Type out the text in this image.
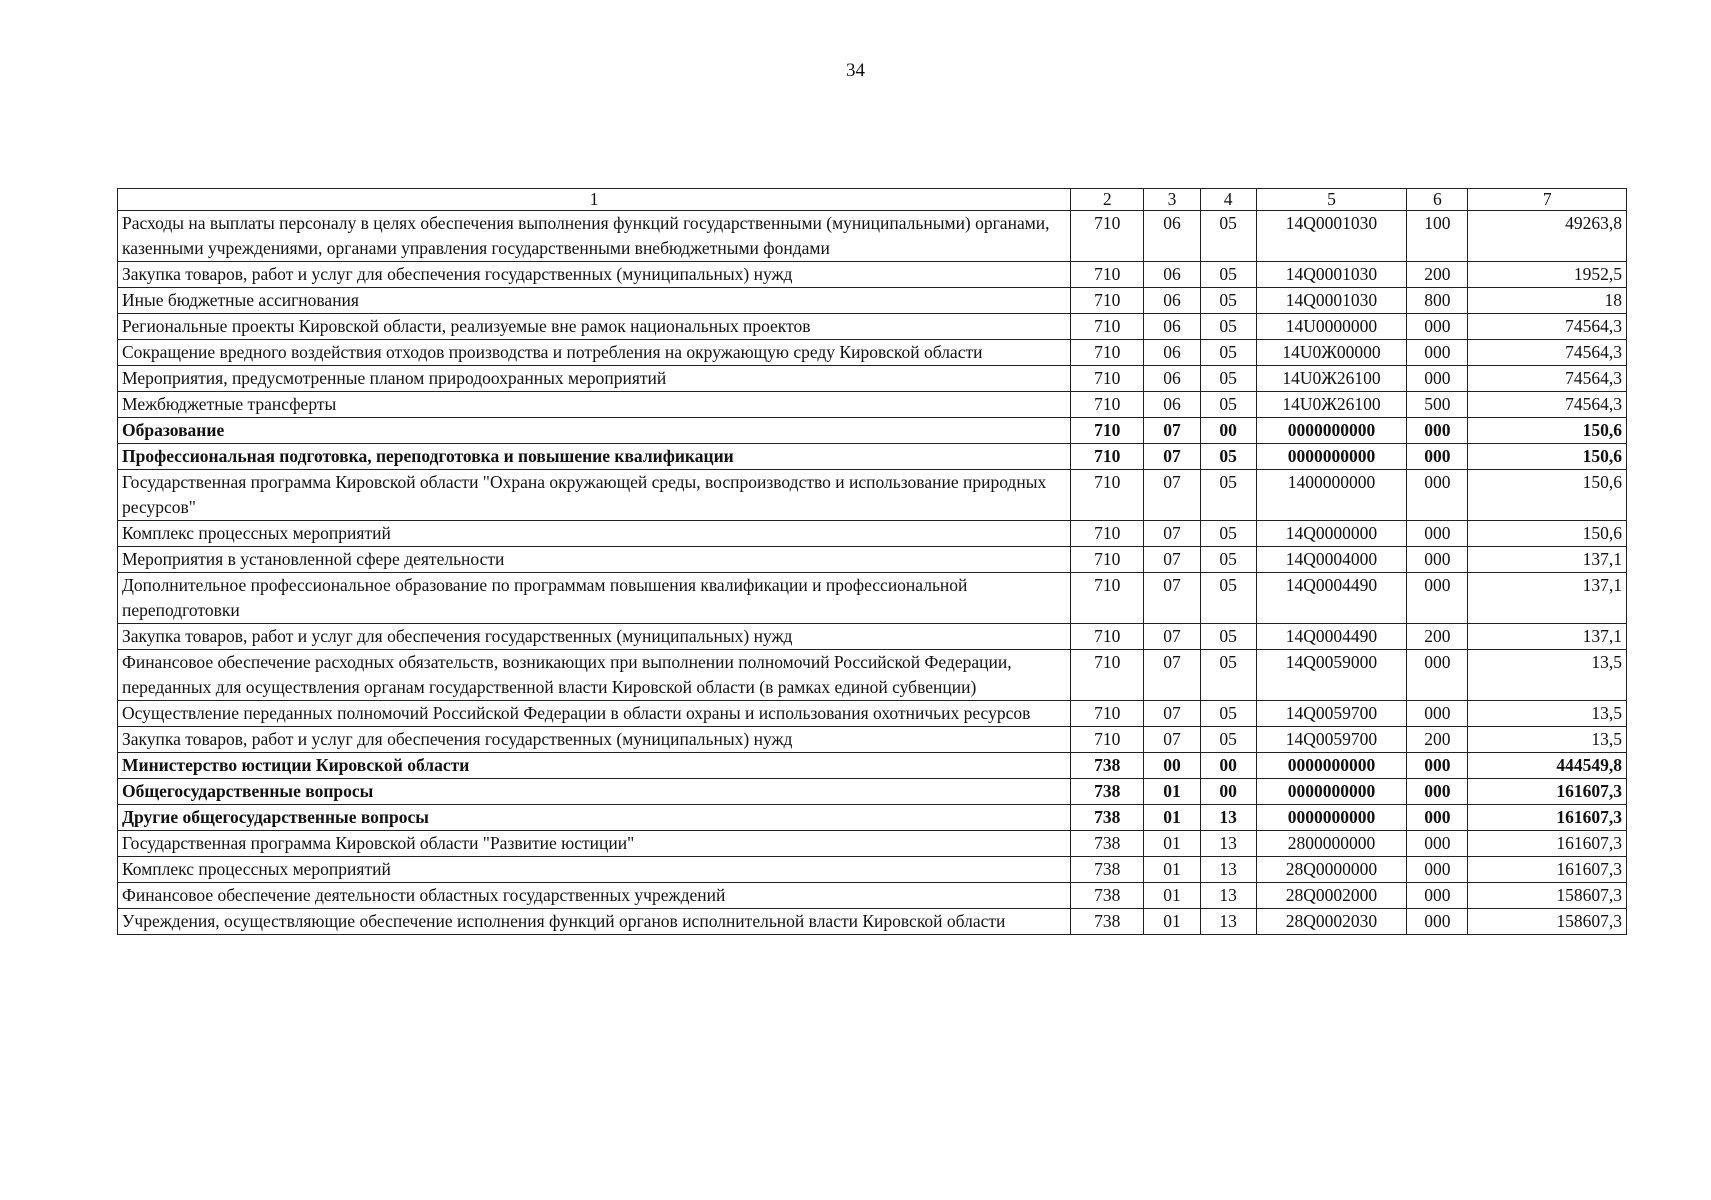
34
1	2	3	4	5	6	7
Расходы на выплаты персоналу в целях обеспечения выполнения функций государственными (муниципальными) органами, казенными учреждениями, органами управления государственными внебюджетными фондами	710	06	05	14Q0001030	100	49263,8
Закупка товаров, работ и услуг для обеспечения государственных (муниципальных) нужд	710	06	05	14Q0001030	200	1952,5
Иные бюджетные ассигнования	710	06	05	14Q0001030	800	18
Региональные проекты Кировской области, реализуемые вне рамок национальных проектов	710	06	05	14U0000000	000	74564,3
Сокращение вредного воздействия отходов производства и потребления на окружающую среду Кировской области	710	06	05	14U0Ж00000	000	74564,3
Мероприятия, предусмотренные планом природоохранных мероприятий	710	06	05	14U0Ж26100	000	74564,3
Межбюджетные трансферты	710	06	05	14U0Ж26100	500	74564,3
Образование	710	07	00	0000000000	000	150,6
Профессиональная подготовка, переподготовка и повышение квалификации	710	07	05	0000000000	000	150,6
Государственная программа Кировской области "Охрана окружающей среды, воспроизводство и использование природных ресурсов"	710	07	05	1400000000	000	150,6
Комплекс процессных мероприятий	710	07	05	14Q0000000	000	150,6
Мероприятия в установленной сфере деятельности	710	07	05	14Q0004000	000	137,1
Дополнительное профессиональное образование по программам повышения квалификации и профессиональной переподготовки	710	07	05	14Q0004490	000	137,1
Закупка товаров, работ и услуг для обеспечения государственных (муниципальных) нужд	710	07	05	14Q0004490	200	137,1
Финансовое обеспечение расходных обязательств, возникающих при выполнении полномочий Российской Федерации, переданных для осуществления органам государственной власти Кировской области (в рамках единой субвенции)	710	07	05	14Q0059000	000	13,5
Осуществление переданных полномочий Российской Федерации в области охраны и использования охотничьих ресурсов	710	07	05	14Q0059700	000	13,5
Закупка товаров, работ и услуг для обеспечения государственных (муниципальных) нужд	710	07	05	14Q0059700	200	13,5
Министерство юстиции Кировской области	738	00	00	0000000000	000	444549,8
Общегосударственные вопросы	738	01	00	0000000000	000	161607,3
Другие общегосударственные вопросы	738	01	13	0000000000	000	161607,3
Государственная программа Кировской области "Развитие юстиции"	738	01	13	2800000000	000	161607,3
Комплекс процессных мероприятий	738	01	13	28Q0000000	000	161607,3
Финансовое обеспечение деятельности областных государственных учреждений	738	01	13	28Q0002000	000	158607,3
Учреждения, осуществляющие обеспечение исполнения функций органов исполнительной власти Кировской области	738	01	13	28Q0002030	000	158607,3
